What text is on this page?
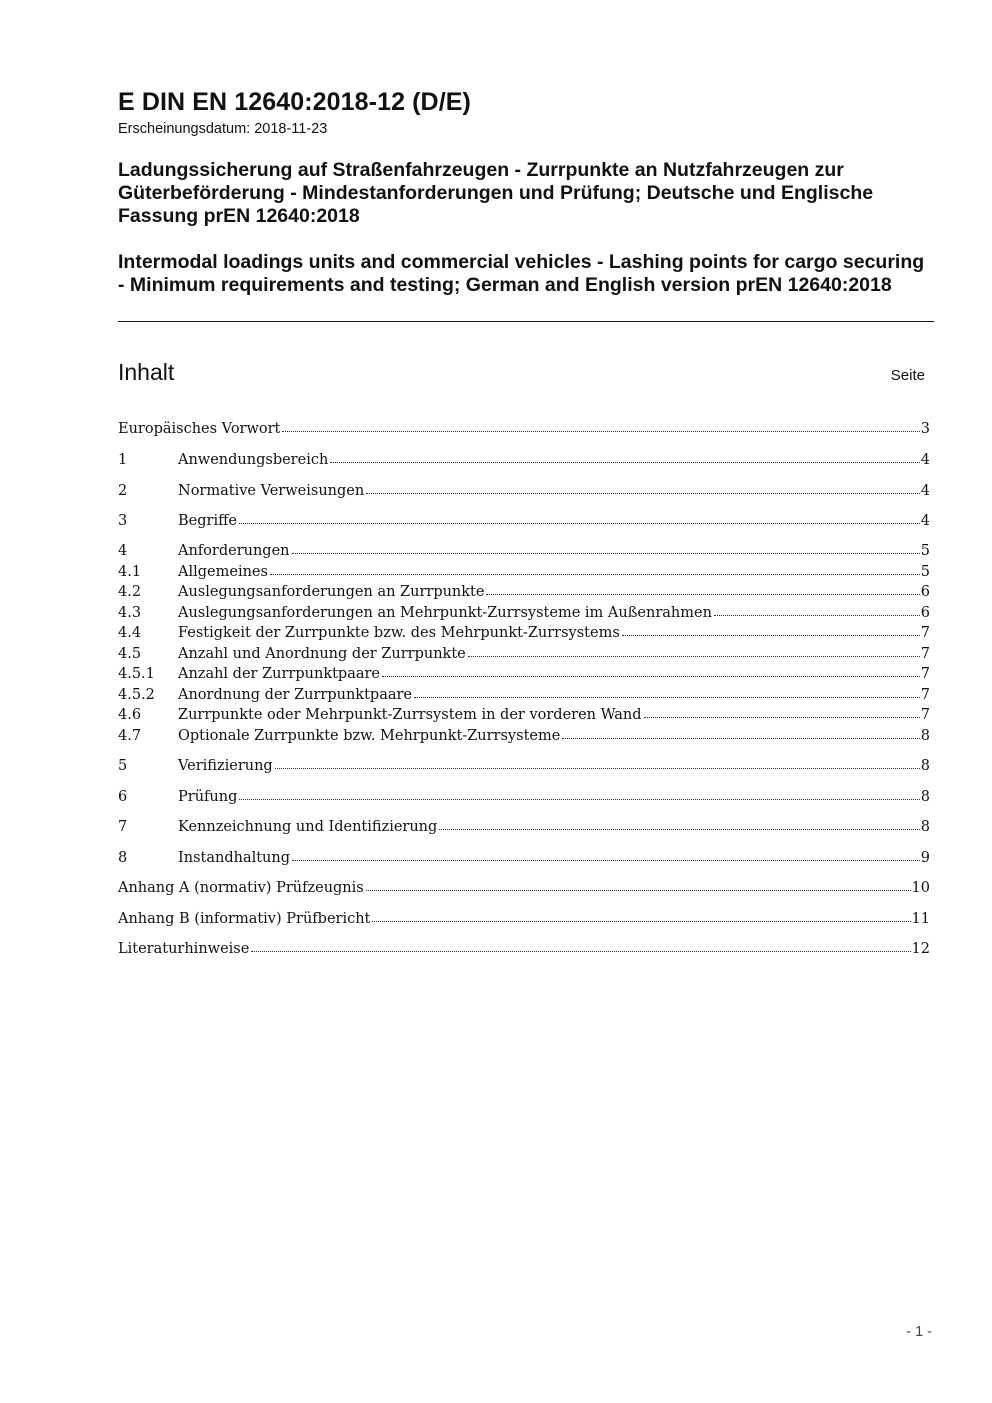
E DIN EN 12640:2018-12 (D/E)
Erscheinungsdatum: 2018-11-23

Ladungssicherung auf Straßenfahrzeugen - Zurrpunkte an Nutzfahrzeugen zur Güterbeförderung - Mindestanforderungen und Prüfung; Deutsche und Englische Fassung prEN 12640:2018

Intermodal loadings units and commercial vehicles - Lashing points for cargo securing - Minimum requirements and testing; German and English version prEN 12640:2018

Inhalt	Seite
Europäisches Vorwort	3
1	Anwendungsbereich	4
2	Normative Verweisungen	4
3	Begriffe	4
4	Anforderungen	5
4.1	Allgemeines	5
4.2	Auslegungsanforderungen an Zurrpunkte	6
4.3	Auslegungsanforderungen an Mehrpunkt-Zurrsysteme im Außenrahmen	6
4.4	Festigkeit der Zurrpunkte bzw. des Mehrpunkt-Zurrsystems	7
4.5	Anzahl und Anordnung der Zurrpunkte	7
4.5.1	Anzahl der Zurrpunktpaare	7
4.5.2	Anordnung der Zurrpunktpaare	7
4.6	Zurrpunkte oder Mehrpunkt-Zurrsystem in der vorderen Wand	7
4.7	Optionale Zurrpunkte bzw. Mehrpunkt-Zurrsysteme	8
5	Verifizierung	8
6	Prüfung	8
7	Kennzeichnung und Identifizierung	8
8	Instandhaltung	9
Anhang A (normativ) Prüfzeugnis	10
Anhang B (informativ) Prüfbericht	11
Literaturhinweise	12
- 1 -
